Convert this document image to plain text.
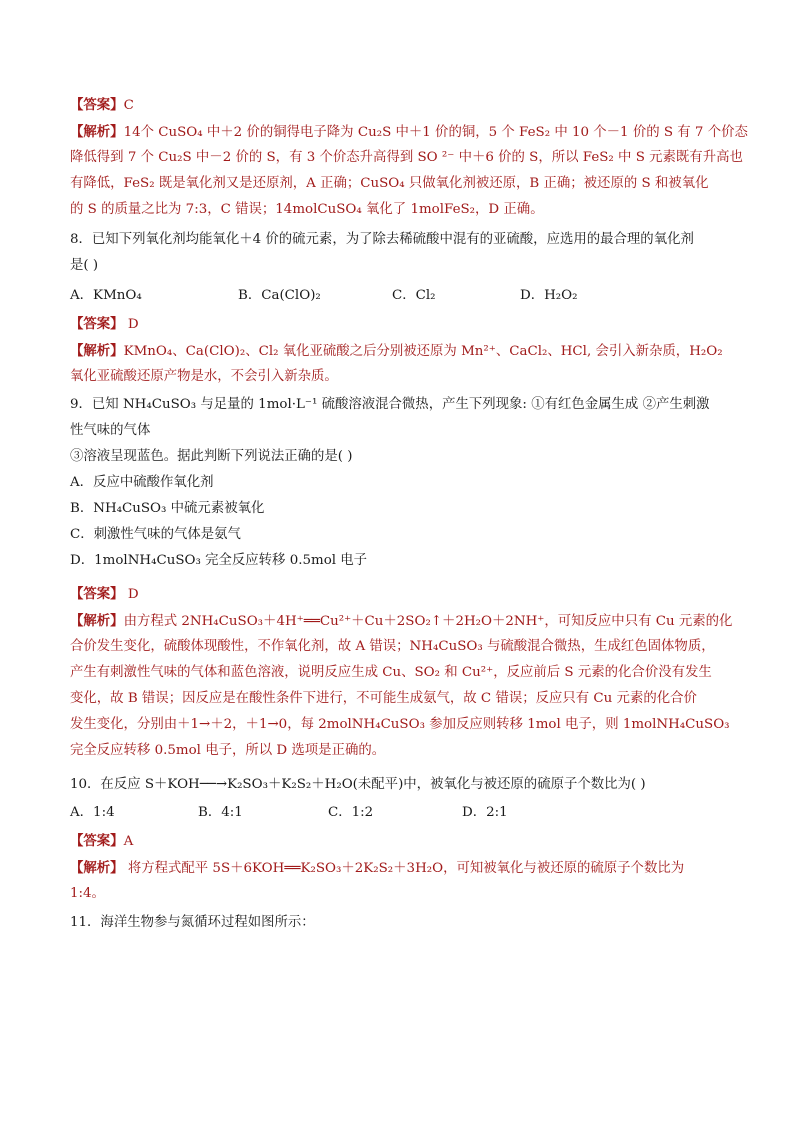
【答案】C
【解析】14个 CuSO₄ 中＋2 价的铜得电子降为 Cu₂S 中＋1 价的铜，5 个 FeS₂ 中 10 个－1 价的 S 有 7 个价态
降低得到 7 个 Cu₂S 中－2 价的 S，有 3 个价态升高得到 SO ²⁻ 中＋6 价的 S，所以 FeS₂ 中 S 元素既有升高也
有降低，FeS₂ 既是氧化剂又是还原剂，A 正确；CuSO₄ 只做氧化剂被还原，B 正确；被还原的 S 和被氧化
的 S 的质量之比为 7:3，C 错误；14molCuSO₄ 氧化了 1molFeS₂，D 正确。
8．已知下列氧化剂均能氧化＋4 价的硫元素，为了除去稀硫酸中混有的亚硫酸，应选用的最合理的氧化剂
是( )
A．KMnO₄	B．Ca(ClO)₂	C．Cl₂	D．H₂O₂
【答案】 D
【解析】KMnO₄、Ca(ClO)₂、Cl₂ 氧化亚硫酸之后分别被还原为 Mn²⁺、CaCl₂、HCl, 会引入新杂质，H₂O₂
氧化亚硫酸还原产物是水，不会引入新杂质。
9．已知 NH₄CuSO₃ 与足量的 1mol·L⁻¹ 硫酸溶液混合微热，产生下列现象: ①有红色金属生成 ②产生刺激
性气味的气体
③溶液呈现蓝色。据此判断下列说法正确的是( )
A．反应中硫酸作氧化剂
B．NH₄CuSO₃ 中硫元素被氧化
C．刺激性气味的气体是氨气
D．1molNH₄CuSO₃ 完全反应转移 0.5mol 电子
【答案】 D
【解析】由方程式 2NH₄CuSO₃＋4H⁺══Cu²⁺＋Cu＋2SO₂↑＋2H₂O＋2NH⁺，可知反应中只有 Cu 元素的化
合价发生变化，硫酸体现酸性，不作氧化剂，故 A 错误；NH₄CuSO₃ 与硫酸混合微热，生成红色固体物质，
产生有刺激性气味的气体和蓝色溶液，说明反应生成 Cu、SO₂ 和 Cu²⁺，反应前后 S 元素的化合价没有发生
变化，故 B 错误；因反应是在酸性条件下进行，不可能生成氨气，故 C 错误；反应只有 Cu 元素的化合价
发生变化，分别由＋1→＋2，＋1→0，每 2molNH₄CuSO₃ 参加反应则转移 1mol 电子，则 1molNH₄CuSO₃
完全反应转移 0.5mol 电子，所以 D 选项是正确的。
10．在反应 S＋KOH──→K₂SO₃＋K₂S₂＋H₂O(未配平)中，被氧化与被还原的硫原子个数比为( )
A．1:4	B．4:1	C．1:2	D．2:1
【答案】A
【解析】 将方程式配平 5S＋6KOH══K₂SO₃＋2K₂S₂＋3H₂O，可知被氧化与被还原的硫原子个数比为
1:4。
11．海洋生物参与氮循环过程如图所示：
